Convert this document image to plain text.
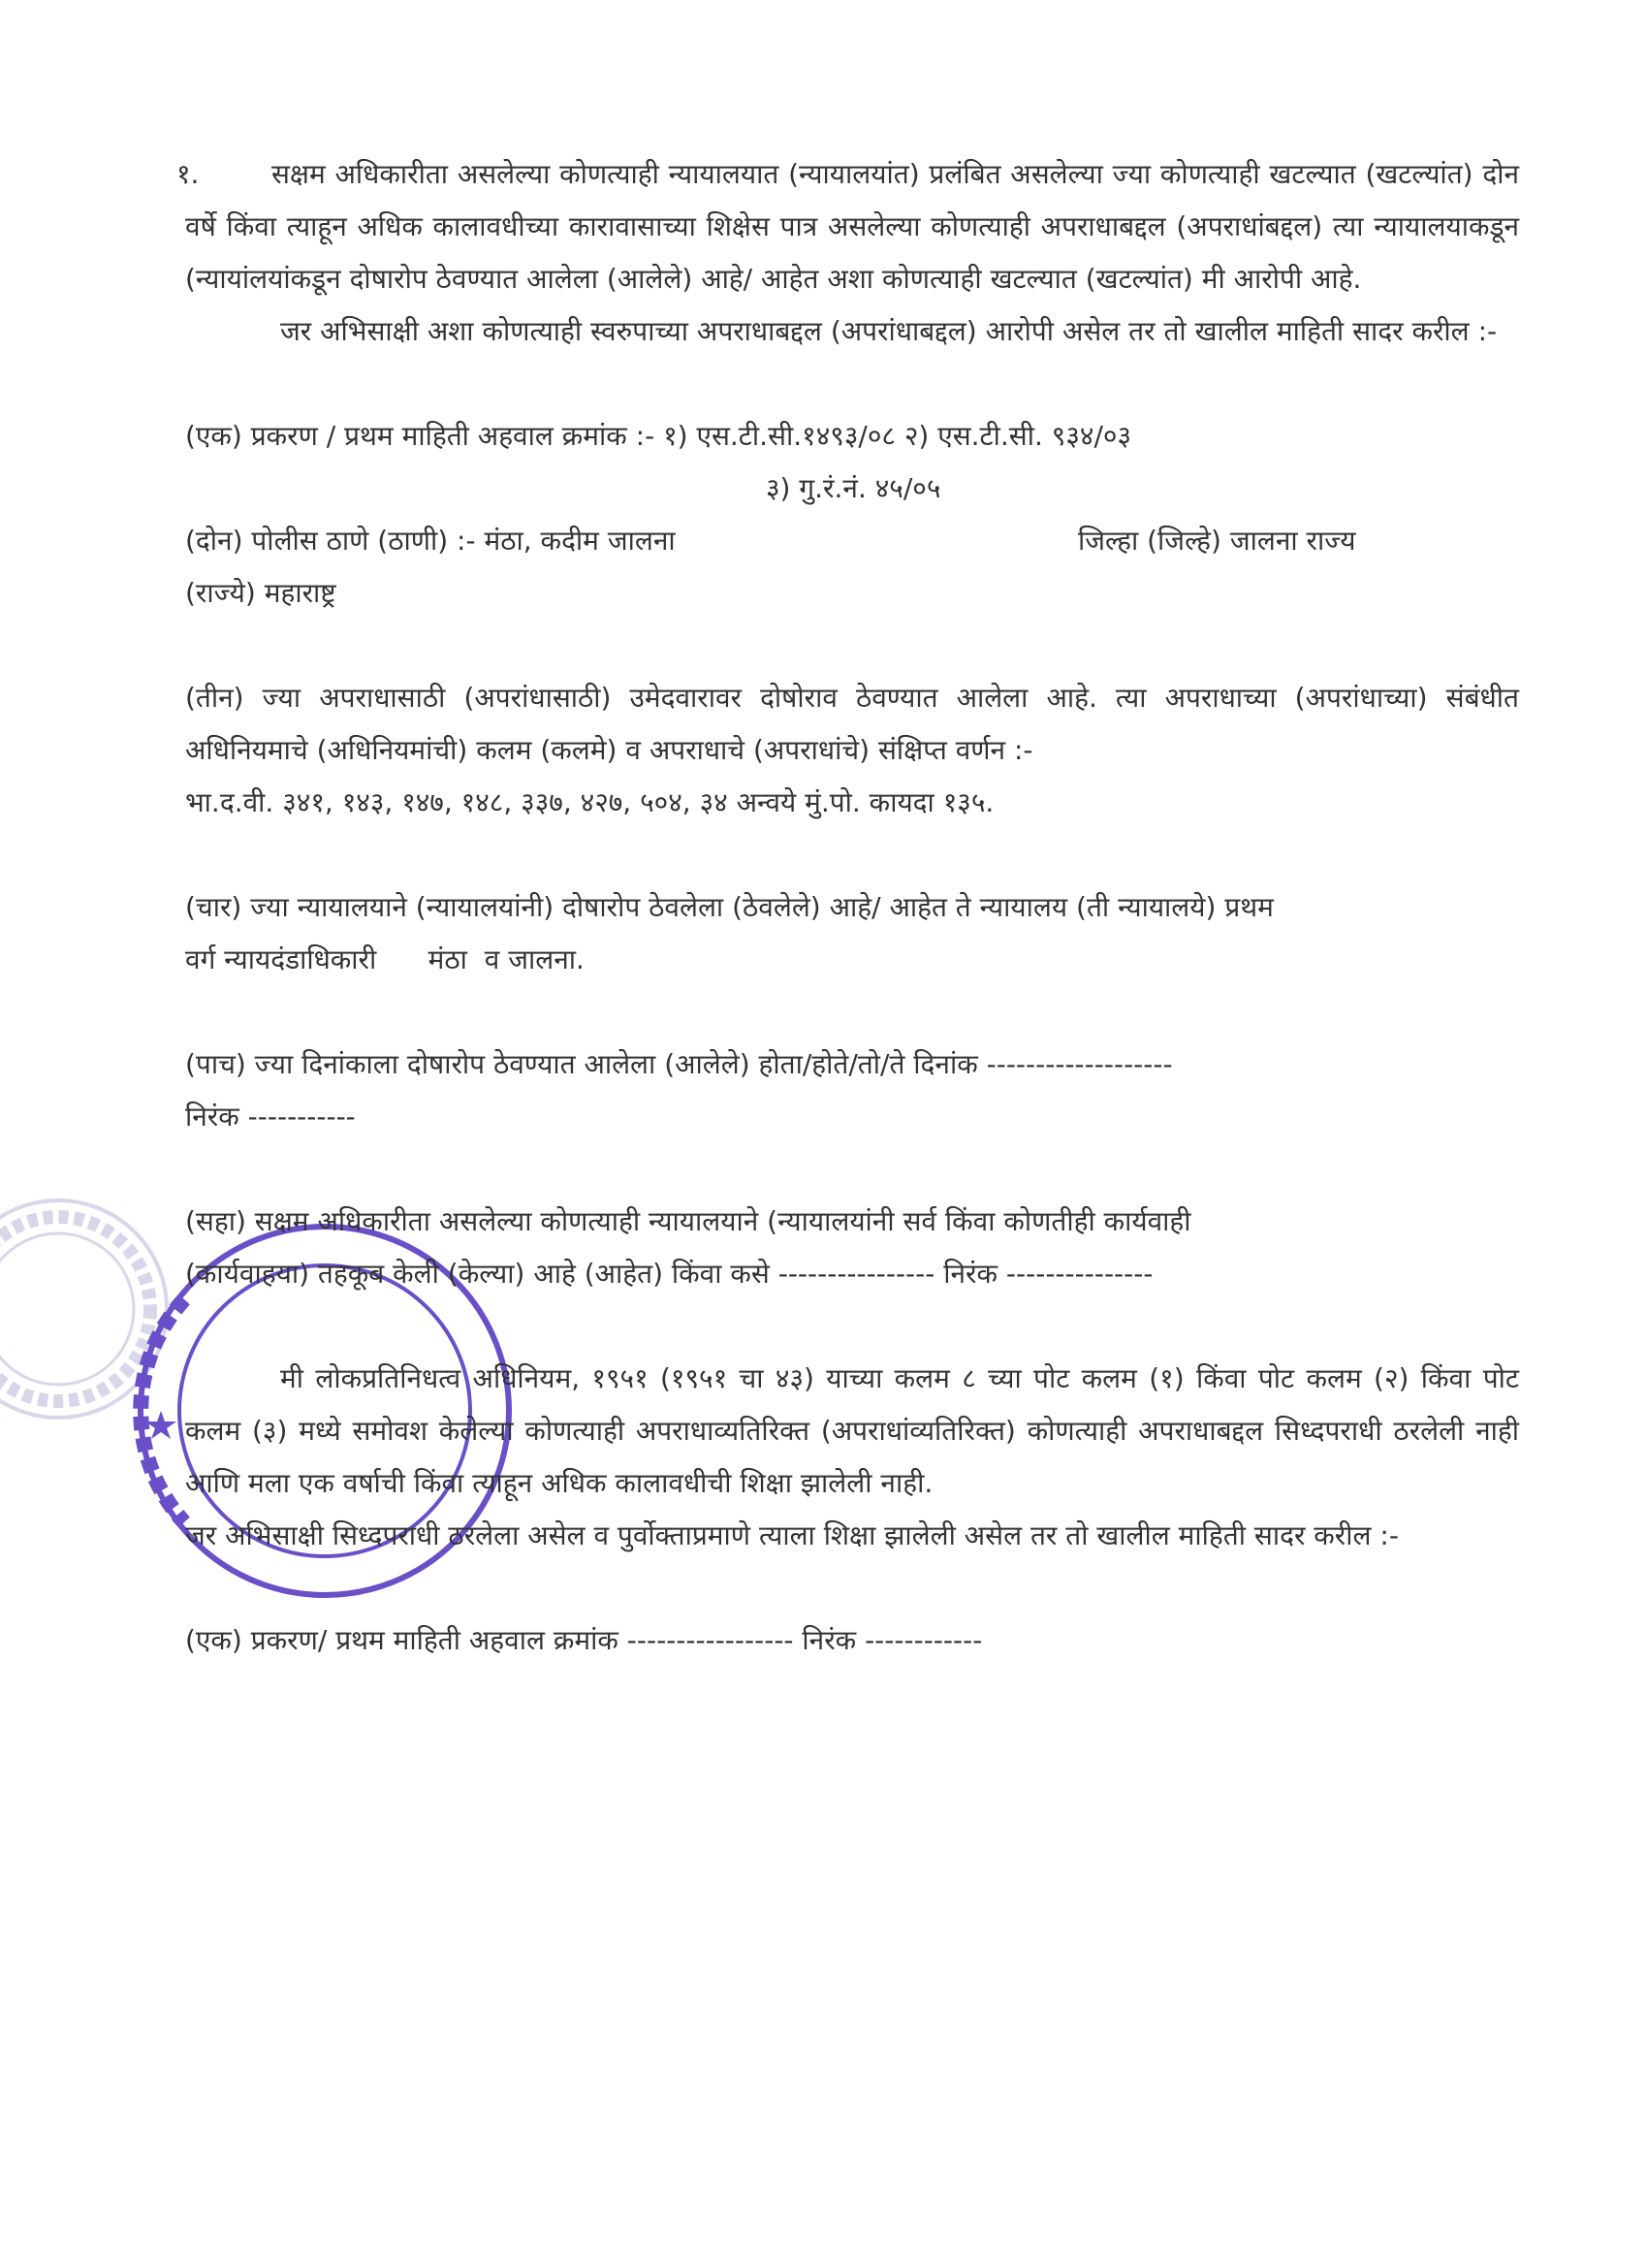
१.	सक्षम अधिकारीता असलेल्या कोणत्याही न्यायालयात (न्यायालयांत) प्रलंबित असलेल्या ज्या कोणत्याही खटल्यात (खटल्यांत) दोन वर्षे किंवा त्याहून अधिक कालावधीच्या कारावासाच्या शिक्षेस पात्र असलेल्या कोणत्याही अपराधाबद्दल (अपराधांबद्दल) त्या न्यायालयाकडून (न्यायांलयांकडून दोषारोप ठेवण्यात आलेला (आलेले) आहे/ आहेत अशा कोणत्याही खटल्यात (खटल्यांत) मी आरोपी आहे.
जर अभिसाक्षी अशा कोणत्याही स्वरुपाच्या अपराधाबद्दल (अपरांधाबद्दल) आरोपी असेल तर तो खालील माहिती सादर करील :-
(एक) प्रकरण / प्रथम माहिती अहवाल क्रमांक :- १) एस.टी.सी.१४९३/०८ २) एस.टी.सी. ९३४/०३
३) गु.रं.नं. ४५/०५
(दोन) पोलीस ठाणे (ठाणी) :- मंठा, कदीम जालना	जिल्हा (जिल्हे) जालना राज्य
(राज्ये) महाराष्ट्र
(तीन) ज्या अपराधासाठी (अपरांधासाठी) उमेदवारावर दोषोराव ठेवण्यात आलेला आहे. त्या अपराधाच्या (अपरांधाच्या) संबंधीत अधिनियमाचे (अधिनियमांची) कलम (कलमे) व अपराधाचे (अपराधांचे) संक्षिप्त वर्णन :-
भा.द.वी. ३४१, १४३, १४७, १४८, ३३७, ४२७, ५०४, ३४ अन्वये मुं.पो. कायदा १३५.
(चार) ज्या न्यायालयाने (न्यायालयांनी) दोषारोप ठेवलेला (ठेवलेले) आहे/ आहेत ते न्यायालय (ती न्यायालये) प्रथम
वर्ग न्यायदंडाधिकारी      मंठा  व जालना.
(पाच) ज्या दिनांकाला दोषारोप ठेवण्यात आलेला (आलेले) होता/होते/तो/ते दिनांक -------------------
निरंक -----------
(सहा) सक्षम अधिकारीता असलेल्या कोणत्याही न्यायालयाने (न्यायालयांनी सर्व किंवा कोणतीही कार्यवाही
(कार्यवाहया) तहकूब केली (केल्या) आहे (आहेत) किंवा कसे ---------------- निरंक ---------------
मी लोकप्रतिनिधत्व अधिनियम, १९५१ (१९५१ चा ४३) याच्या कलम ८ च्या पोट कलम (१) किंवा पोट कलम (२) किंवा पोट कलम (३) मध्ये समोवश केलेल्या कोणत्याही अपराधाव्यतिरिक्त (अपराधांव्यतिरिक्त) कोणत्याही अपराधाबद्दल सिध्दपराधी ठरलेली नाही आणि मला एक वर्षाची किंवा त्याहून अधिक कालावधीची शिक्षा झालेली नाही.
जर अभिसाक्षी सिध्दपराधी ठरलेला असेल व पुर्वोक्ताप्रमाणे त्याला शिक्षा झालेली असेल तर तो खालील माहिती सादर करील :-
(एक) प्रकरण/ प्रथम माहिती अहवाल क्रमांक ----------------- निरंक ------------
